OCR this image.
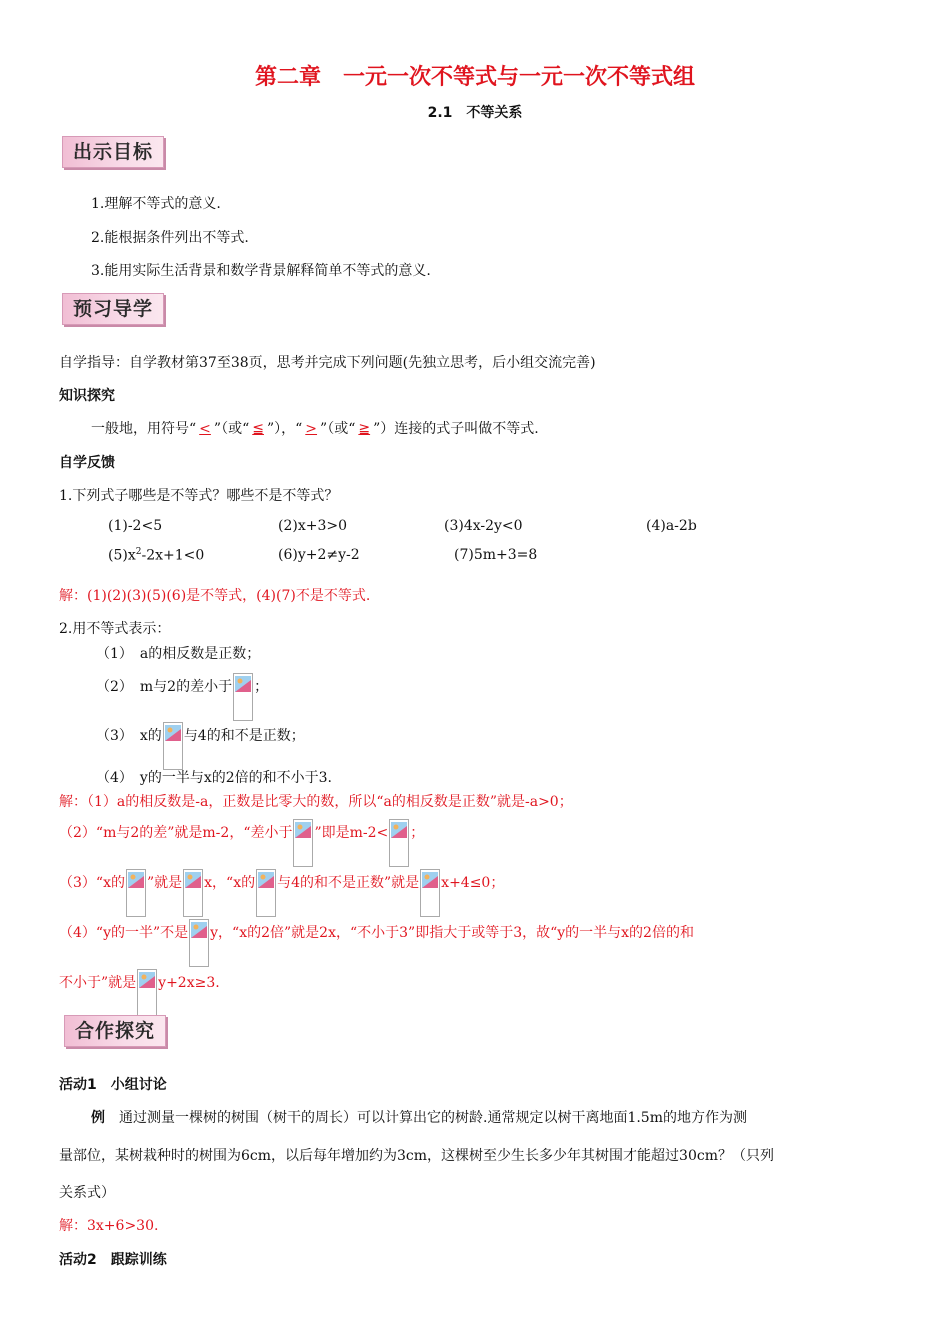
第二章　一元一次不等式与一元一次不等式组
2.1　不等关系
出示目标
1.理解不等式的意义.
2.能根据条件列出不等式.
3.能用实际生活背景和数学背景解释简单不等式的意义.
预习导学
自学指导：自学教材第37至38页，思考并完成下列问题(先独立思考，后小组交流完善)
知识探究
一般地，用符号“ < ”（或“ ≦ ”），“ > ”（或“ ≧ ”）连接的式子叫做不等式.
自学反馈
1.下列式子哪些是不等式？哪些不是不等式？
(1)-2<5	(2)x+3>0	(3)4x-2y<0	(4)a-2b
$(5)x^2-2x+1<0$	(6)y+2≠y-2	(7)5m+3=8
解：(1)(2)(3)(5)(6)是不等式，(4)(7)不是不等式.
2.用不等式表示：
（1）　a的相反数是正数；
（2）　m与2的差小于 ；
（3）　x的 与4的和不是正数；
（4）　y的一半与x的2倍的和不小于3.
解：（1）a的相反数是-a，正数是比零大的数，所以“a的相反数是正数”就是-a>0；
（2）“m与2的差”就是m-2，“差小于 ”即是m-2< ；
（3）“x的 ”就是 x，“x的 与4的和不是正数”就是 x+4≤0；
（4）“y的一半”不是 y，“x的2倍”就是2x，“不小于3”即指大于或等于3，故“y的一半与x的2倍的和
不小于”就是 y+2x≥3.
合作探究
活动1　小组讨论
例　通过测量一棵树的树围（树干的周长）可以计算出它的树龄.通常规定以树干离地面1.5m的地方作为测
量部位，某树栽种时的树围为6cm，以后每年增加约为3cm，这棵树至少生长多少年其树围才能超过30cm？（只列
关系式）
解：3x+6>30.
活动2　跟踪训练
